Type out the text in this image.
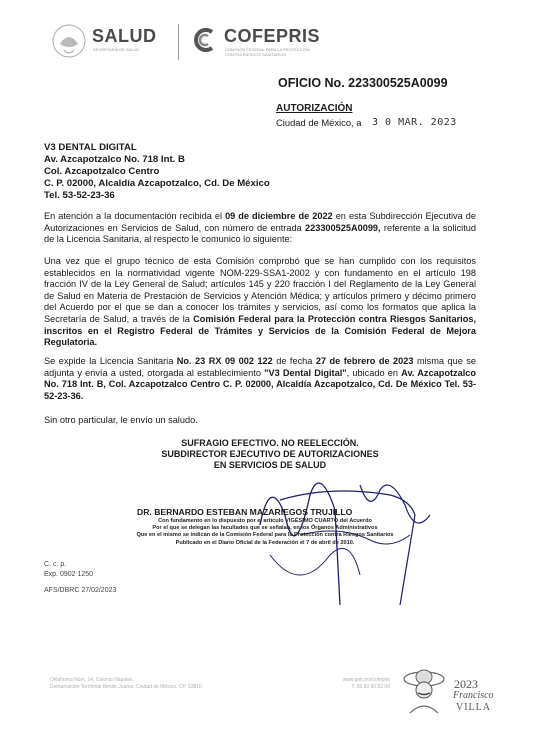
SALUD
SECRETARÍA DE SALUD
COFEPRIS
COMISIÓN FEDERAL PARA LA PROTECCIÓN
CONTRA RIESGOS SANITARIOS
OFICIO No. 223300525A0099
AUTORIZACIÓN
Ciudad de México, a 3 0 MAR. 2023
V3 DENTAL DIGITAL
Av. Azcapotzalco No. 718 Int. B
Col. Azcapotzalco Centro
C. P. 02000, Alcaldía Azcapotzalco, Cd. De México
Tel. 53-52-23-36
En atención a la documentación recibida el 09 de diciembre de 2022 en esta Subdirección Ejecutiva de Autorizaciones en Servicios de Salud, con número de entrada 223300525A0099, referente a la solicitud de la Licencia Sanitaria, al respecto le comunico lo siguiente:
Una vez que el grupo técnico de esta Comisión comprobó que se han cumplido con los requisitos establecidos en la normatividad vigente NOM-229-SSA1-2002 y con fundamento en el artículo 198 fracción IV de la Ley General de Salud; artículos 145 y 220 fracción I del Reglamento de la Ley General de Salud en Materia de Prestación de Servicios y Atención Médica; y artículos primero y décimo primero del Acuerdo por el que se dan a conocer los trámites y servicios, así como los formatos que aplica la Secretaría de Salud, a través de la Comisión Federal para la Protección contra Riesgos Sanitarios, inscritos en el Registro Federal de Trámites y Servicios de la Comisión Federal de Mejora Regulatoria.
Se expide la Licencia Sanitaria No. 23 RX 09 002 122 de fecha 27 de febrero de 2023 misma que se adjunta y envía a usted, otorgada al establecimiento "V3 Dental Digital", ubicado en Av. Azcapotzalco No. 718 Int. B, Col. Azcapotzalco Centro C. P. 02000, Alcaldía Azcapotzalco, Cd. De México Tel. 53-52-23-36.
Sin otro particular, le envío un saludo.
SUFRAGIO EFECTIVO. NO REELECCIÓN.
SUBDIRECTOR EJECUTIVO DE AUTORIZACIONES
EN SERVICIOS DE SALUD
DR. BERNARDO ESTEBAN MAZARIEGOS TRUJILLO
Con fundamento en lo dispuesto por el artículo VIGÉSIMO CUARTO del Acuerdo
Por el que se delegan las facultades que se señalan, en los Órganos Administrativos
Que en el mismo se indican de la Comisión Federal para la Protección contra Riesgos Sanitarios
Publicado en el Diario Oficial de la Federación el 7 de abril de 2010.
C. c. p.
Exp. 0902 1250
AFS/DBRC 27/02/2023
Oklahoma Núm. 14, Colonia Nápoles,
Demarcación Territorial Benito Juárez, Ciudad de México, CP. 03810
www.gob.mx/cofepris
T: 55 50 80 52 00	2023
Francisco
VILLA
